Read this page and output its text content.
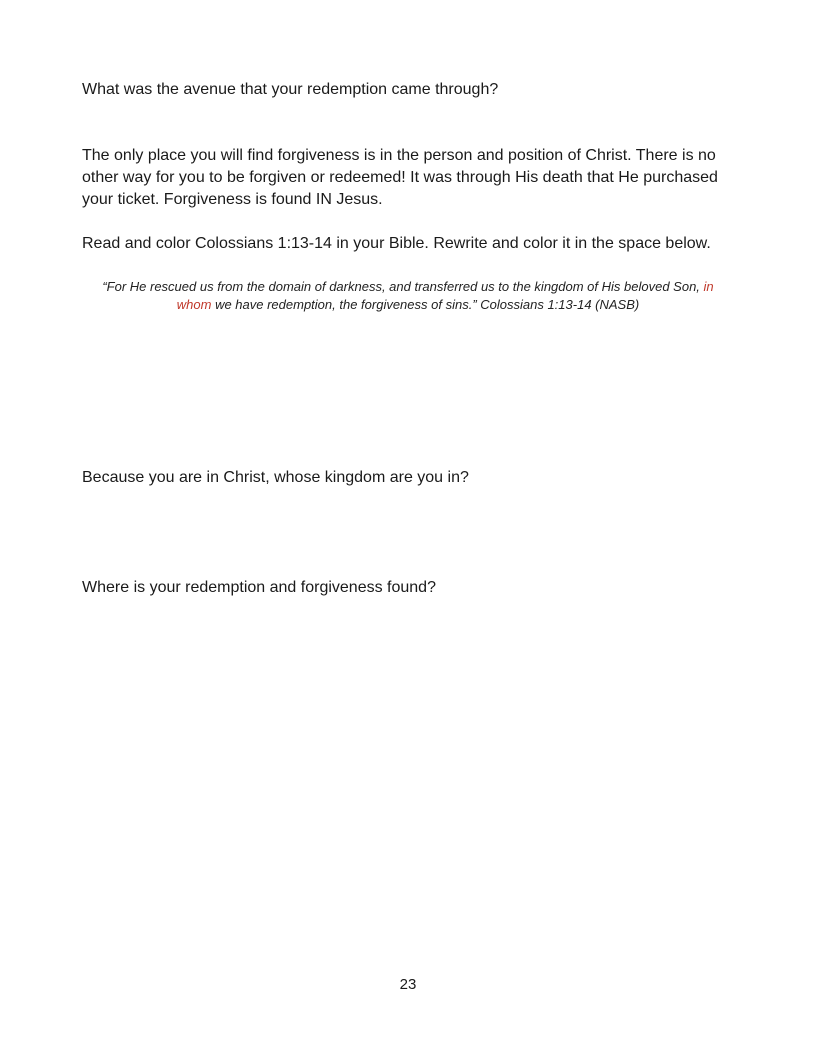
What was the avenue that your redemption came through?

The only place you will find forgiveness is in the person and position of Christ. There is no other way for you to be forgiven or redeemed! It was through His death that He purchased your ticket. Forgiveness is found IN Jesus.

Read and color Colossians 1:13-14 in your Bible. Rewrite and color it in the space below.

“For He rescued us from the domain of darkness, and transferred us to the kingdom of His beloved Son, in whom we have redemption, the forgiveness of sins.” Colossians 1:13-14 (NASB)

Because you are in Christ, whose kingdom are you in?

Where is your redemption and forgiveness found?

23
